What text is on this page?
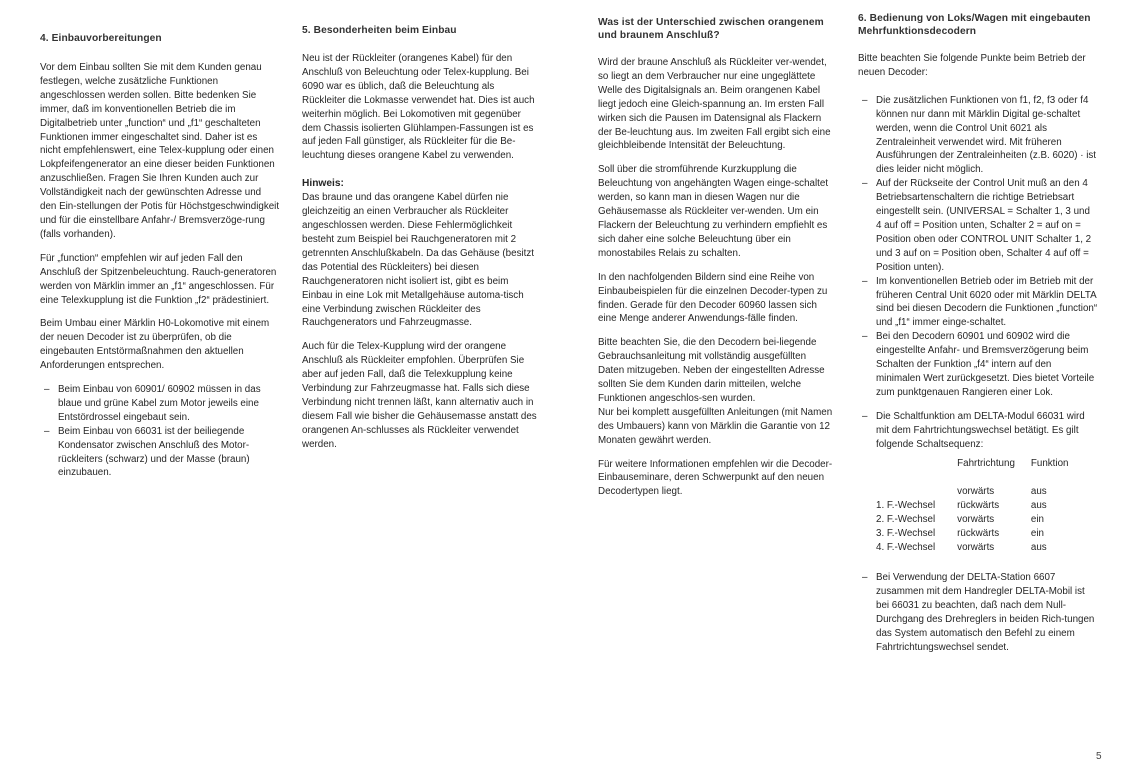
4. Einbauvorbereitungen

Vor dem Einbau sollten Sie mit dem Kunden genau festlegen, welche zusätzliche Funktionen angeschlossen werden sollen. Bitte bedenken Sie immer, daß im konventionellen Betrieb die im Digitalbetrieb unter „function“ und „f1“ geschalteten Funktionen immer eingeschaltet sind. Daher ist es nicht empfehlenswert, eine Telex-kupplung oder einen Lokpfeifengenerator an eine dieser beiden Funktionen anzuschließen. Fragen Sie Ihren Kunden auch zur Vollständigkeit nach der gewünschten Adresse und den Ein-stellungen der Potis für Höchstgeschwindigkeit und für die einstellbare Anfahr-/ Bremsverzöge-rung (falls vorhanden).

Für „function“ empfehlen wir auf jeden Fall den Anschluß der Spitzenbeleuchtung. Rauch-generatoren werden von Märklin immer an „f1“ angeschlossen. Für eine Telexkupplung ist die Funktion „f2“ prädestiniert.

Beim Umbau einer Märklin H0-Lokomotive mit einem der neuen Decoder ist zu überprüfen, ob die eingebauten Entstörmaßnahmen den aktuellen Anforderungen entsprechen.

– Beim Einbau von 60901/ 60902 müssen in das blaue und grüne Kabel zum Motor jeweils eine Entstördrossel eingebaut sein.
– Beim Einbau von 66031 ist der beiliegende Kondensator zwischen Anschluß des Motor-rückleiters (schwarz) und der Masse (braun) einzubauen.
5. Besonderheiten beim Einbau

Neu ist der Rückleiter (orangenes Kabel) für den Anschluß von Beleuchtung oder Telex-kupplung. Bei 6090 war es üblich, daß die Beleuchtung als Rückleiter die Lokmasse verwendet hat. Dies ist auch weiterhin möglich. Bei Lokomotiven mit gegenüber dem Chassis isolierten Glühlampen-Fassungen ist es auf jeden Fall günstiger, als Rückleiter für die Be-leuchtung dieses orangene Kabel zu verwenden.

Hinweis:

Das braune und das orangene Kabel dürfen nie gleichzeitig an einen Verbraucher als Rückleiter angeschlossen werden. Diese Fehlermöglichkeit besteht zum Beispiel bei Rauchgeneratoren mit 2 getrennten Anschlußkabeln. Da das Gehäuse (besitzt das Potential des Rückleiters) bei diesen Rauchgeneratoren nicht isoliert ist, gibt es beim Einbau in eine Lok mit Metallgehäuse automa-tisch eine Verbindung zwischen Rückleiter des Rauchgenerators und Fahrzeugmasse.

Auch für die Telex-Kupplung wird der orangene Anschluß als Rückleiter empfohlen. Überprüfen Sie aber auf jeden Fall, daß die Telexkupplung keine Verbindung zur Fahrzeugmasse hat. Falls sich diese Verbindung nicht trennen läßt, kann alternativ auch in diesem Fall wie bisher die Gehäusemasse anstatt des orangenen An-schlusses als Rückleiter verwendet werden.

Was ist der Unterschied zwischen orangenem und braunem Anschluß?

Wird der braune Anschluß als Rückleiter ver-wendet, so liegt an dem Verbraucher nur eine ungeglättete Welle des Digitalsignals an. Beim orangenen Kabel liegt jedoch eine Gleich-spannung an. Im ersten Fall wirken sich die Pausen im Datensignal als Flackern der Be-leuchtung aus. Im zweiten Fall ergibt sich eine gleichbleibende Intensität der Beleuchtung.

Soll über die stromführende Kurzkupplung die Beleuchtung von angehängten Wagen einge-schaltet werden, so kann man in diesen Wagen nur die Gehäusemasse als Rückleiter ver-wenden. Um ein Flackern der Beleuchtung zu verhindern empfiehlt es sich daher eine solche Beleuchtung über ein monostabiles Relais zu schalten.

In den nachfolgenden Bildern sind eine Reihe von Einbaubeispielen für die einzelnen Decoder-typen zu finden. Gerade für den Decoder 60960 lassen sich eine Menge anderer Anwendungs-fälle finden.

Bitte beachten Sie, die den Decodern bei-liegende Gebrauchsanleitung mit vollständig ausgefüllten Daten mitzugeben. Neben der eingestellten Adresse sollten Sie dem Kunden darin mitteilen, welche Funktionen angeschlos-sen wurden.

Nur bei komplett ausgefüllten Anleitungen (mit Namen des Umbauers) kann von Märklin die Garantie von 12 Monaten gewährt werden.

Für weitere Informationen empfehlen wir die Decoder-Einbauseminare, deren Schwerpunkt auf den neuen Decodertypen liegt.

6. Bedienung von Loks/Wagen mit eingebauten Mehrfunktionsdecodern

Bitte beachten Sie folgende Punkte beim Betrieb der neuen Decoder:

– Die zusätzlichen Funktionen von f1, f2, f3 oder f4 können nur dann mit Märklin Digital ge-schaltet werden, wenn die Control Unit 6021 als Zentraleinheit verwendet wird. Mit früheren Ausführungen der Zentraleinheiten (z.B. 6020) · ist dies leider nicht möglich.
– Auf der Rückseite der Control Unit muß an den 4 Betriebsartenschaltern die richtige Betriebsart eingestellt sein. (UNIVERSAL = Schalter 1, 3 und 4 auf off = Position unten, Schalter 2 = auf on = Position oben oder CONTROL UNIT Schalter 1, 2 und 3 auf on = Position oben, Schalter 4 auf off = Position unten).
– Im konventionellen Betrieb oder im Betrieb mit der früheren Central Unit 6020 oder mit Märklin DELTA sind bei diesen Decodern die Funktionen „function“ und „f1“ immer einge-schaltet.
– Bei den Decodern 60901 und 60902 wird die eingestellte Anfahr- und Bremsverzögerung beim Schalten der Funktion „f4“ intern auf den minimalen Wert zurückgesetzt. Dies bietet Vorteile zum punktgenauen Rangieren einer Lok.
– Die Schaltfunktion am DELTA-Modul 66031 wird mit dem Fahrtrichtungswechsel betätigt. Es gilt folgende Schaltsequenz:
	Fahrtrichtung	Funktion
	vorwärts	aus
1. F.-Wechsel	rückwärts	aus
2. F.-Wechsel	vorwärts	ein
3. F.-Wechsel	rückwärts	ein
4. F.-Wechsel	vorwärts	aus
– Bei Verwendung der DELTA-Station 6607 zusammen mit dem Handregler DELTA-Mobil ist bei 66031 zu beachten, daß nach dem Null-Durchgang des Drehreglers in beiden Rich-tungen das System automatisch den Befehl zu einem Fahrtrichtungswechsel sendet.
5
